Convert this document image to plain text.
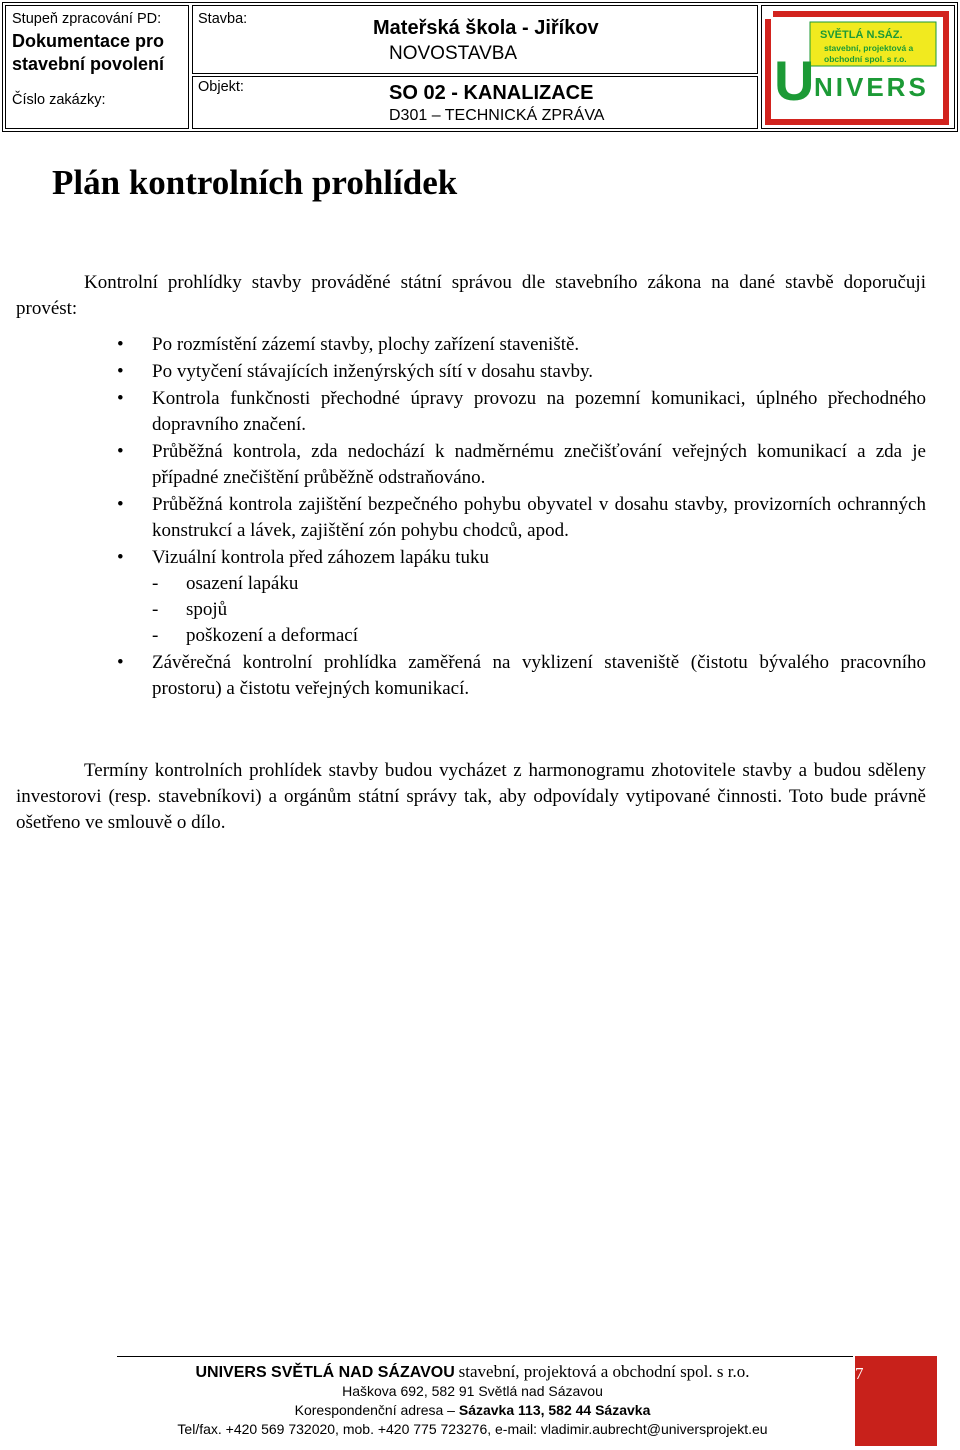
Stupeň zpracování PD:
Dokumentace pro
stavební povolení
Číslo zakázky:
Stavba:	Mateřská škola - Jiříkov
NOVOSTAVBA
Objekt:	SO 02 - KANALIZACE
D301 – TECHNICKÁ ZPRÁVA
SVĚTLÁ N.SÁZ.
stavební, projektová a
obchodní spol. s r.o.
U NIVERS
Plán kontrolních prohlídek

Kontrolní prohlídky stavby prováděné státní správou dle stavebního zákona na dané stavbě doporučuji provést:

• Po rozmístění zázemí stavby, plochy zařízení staveniště.
• Po vytyčení stávajících inženýrských sítí v dosahu stavby.
• Kontrola funkčnosti přechodné úpravy provozu na pozemní komunikaci, úplného přechodného dopravního značení.
• Průběžná kontrola, zda nedochází k nadměrnému znečišťování veřejných komunikací a zda je případné znečištění průběžně odstraňováno.
• Průběžná kontrola zajištění bezpečného pohybu obyvatel v dosahu stavby, provizorních ochranných konstrukcí a lávek, zajištění zón pohybu chodců, apod.
• Vizuální kontrola před záhozem lapáku tuku
- osazení lapáku
- spojů
- poškození a deformací
• Závěrečná kontrolní prohlídka zaměřená na vyklizení staveniště (čistotu bývalého pracovního prostoru) a čistotu veřejných komunikací.

Termíny kontrolních prohlídek stavby budou vycházet z harmonogramu zhotovitele stavby a budou sděleny investorovi (resp. stavebníkovi) a orgánům státní správy tak, aby odpovídaly vytipované činnosti. Toto bude právně ošetřeno ve smlouvě o dílo.

UNIVERS SVĚTLÁ NAD SÁZAVOU stavební, projektová a obchodní spol. s r.o.
Haškova 692, 582 91 Světlá nad Sázavou
Korespondenční adresa – Sázavka 113, 582 44 Sázavka
Tel/fax. +420 569 732020, mob. +420 775 723276, e-mail: vladimir.aubrecht@universprojekt.eu
7
